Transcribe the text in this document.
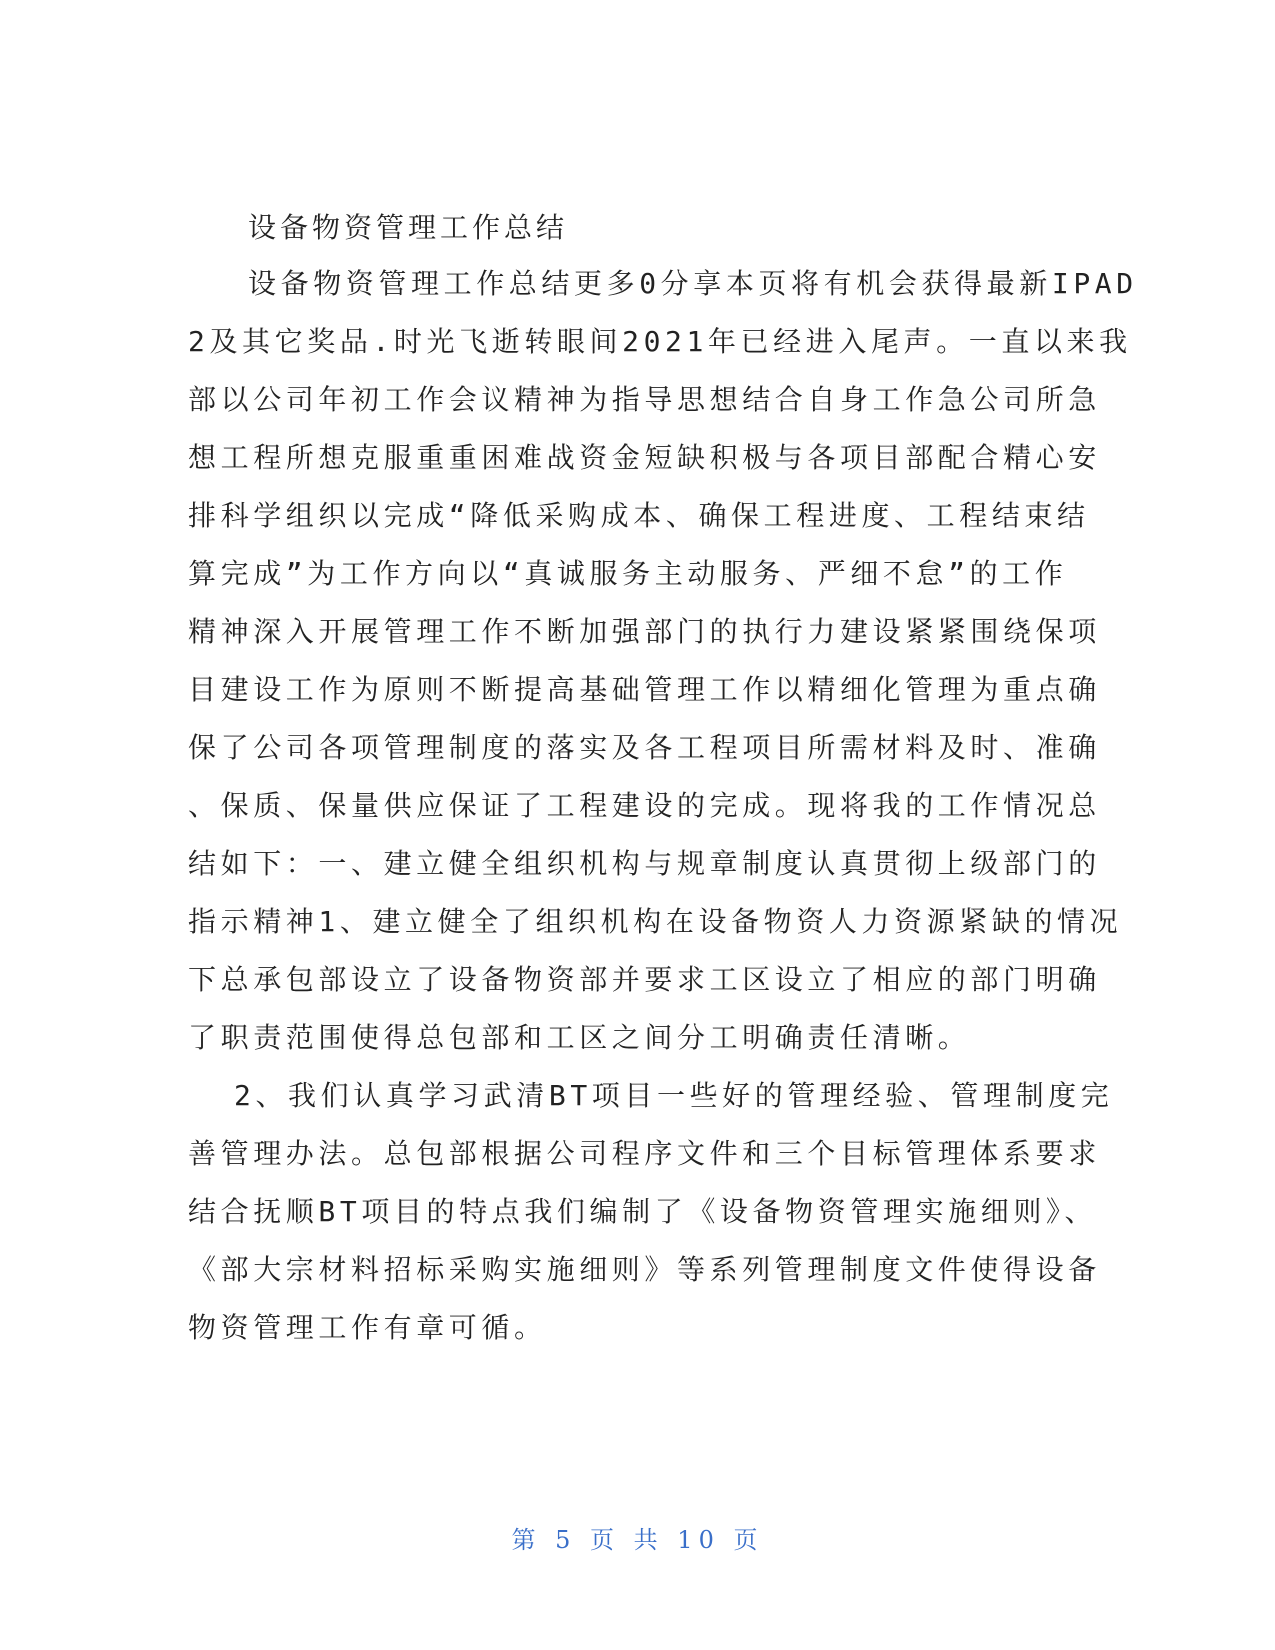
设备物资管理工作总结
设备物资管理工作总结更多0分享本页将有机会获得最新IPAD
2及其它奖品.时光飞逝转眼间2021年已经进入尾声。一直以来我
部以公司年初工作会议精神为指导思想结合自身工作急公司所急
想工程所想克服重重困难战资金短缺积极与各项目部配合精心安
排科学组织以完成“降低采购成本、确保工程进度、工程结束结
算完成”为工作方向以“真诚服务主动服务、严细不怠”的工作
精神深入开展管理工作不断加强部门的执行力建设紧紧围绕保项
目建设工作为原则不断提高基础管理工作以精细化管理为重点确
保了公司各项管理制度的落实及各工程项目所需材料及时、准确
、保质、保量供应保证了工程建设的完成。现将我的工作情况总
结如下：一、建立健全组织机构与规章制度认真贯彻上级部门的
指示精神1、建立健全了组织机构在设备物资人力资源紧缺的情况
下总承包部设立了设备物资部并要求工区设立了相应的部门明确
了职责范围使得总包部和工区之间分工明确责任清晰。
2、我们认真学习武清BT项目一些好的管理经验、管理制度完
善管理办法。总包部根据公司程序文件和三个目标管理体系要求
结合抚顺BT项目的特点我们编制了《设备物资管理实施细则》、
《部大宗材料招标采购实施细则》等系列管理制度文件使得设备
物资管理工作有章可循。
第 5 页 共 10 页
